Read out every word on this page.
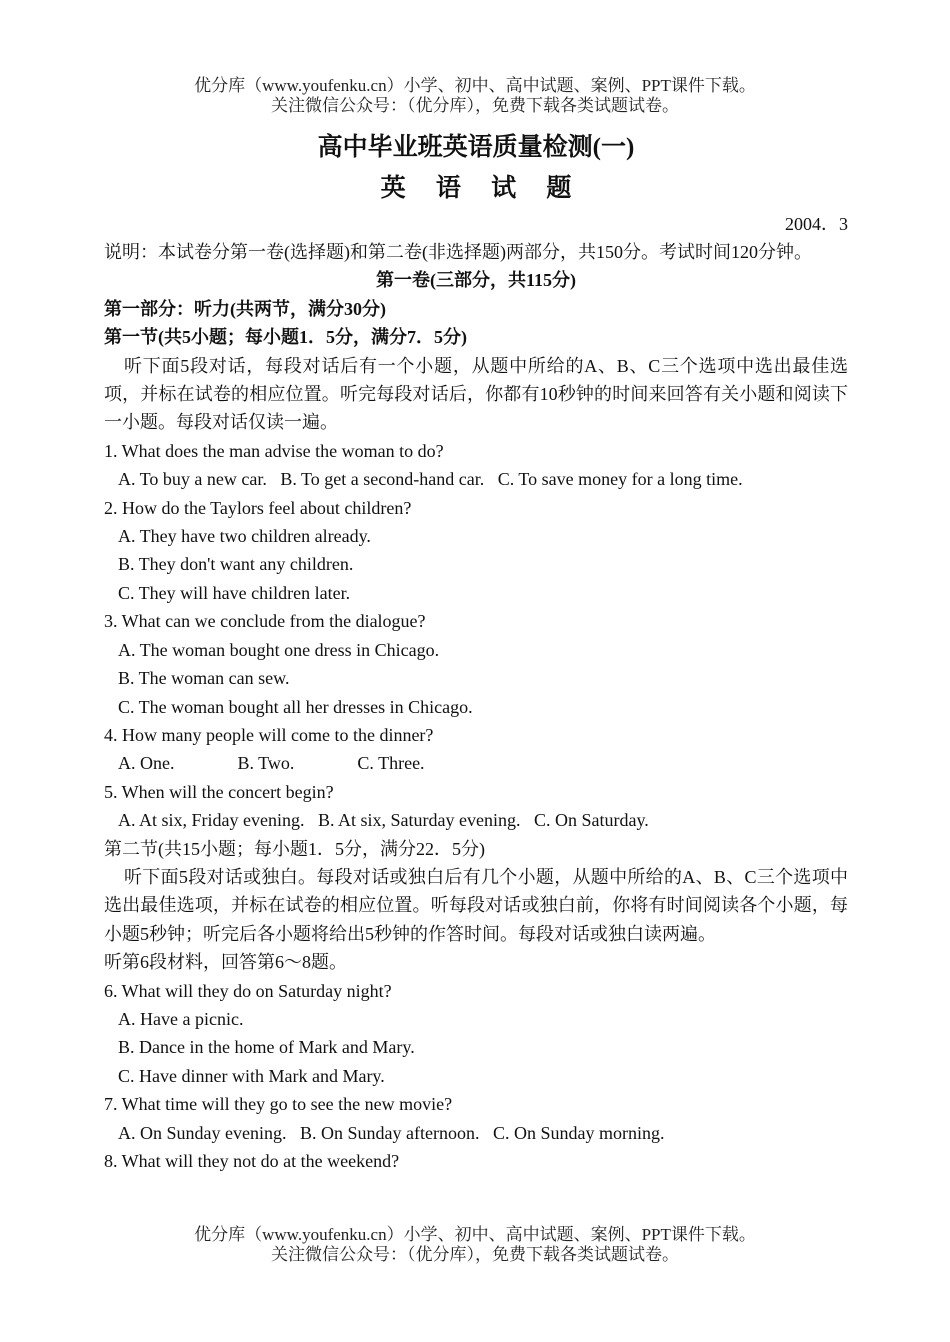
优分库（www.youfenku.cn）小学、初中、高中试题、案例、PPT课件下载。
关注微信公众号：（优分库），免费下载各类试题试卷。

高中毕业班英语质量检测(一)

英 语 试 题

2004．3

说明：本试卷分第一卷(选择题)和第二卷(非选择题)两部分，共150分。考试时间120分钟。

第一卷(三部分，共115分)

第一部分：听力(共两节，满分30分)

第一节(共5小题；每小题1．5分，满分7．5分)

听下面5段对话，每段对话后有一个小题，从题中所给的A、B、C三个选项中选出最佳选项，并标在试卷的相应位置。听完每段对话后，你都有10秒钟的时间来回答有关小题和阅读下一小题。每段对话仅读一遍。

1. What does the man advise the woman to do?

A. To buy a new car.   B. To get a second-hand car.   C. To save money for a long time.

2. How do the Taylors feel about children?

A. They have two children already.

B. They don't want any children.

C. They will have children later.

3. What can we conclude from the dialogue?

A. The woman bought one dress in Chicago.

B. The woman can sew.

C. The woman bought all her dresses in Chicago.

4. How many people will come to the dinner?

A. One.              B. Two.              C. Three.

5. When will the concert begin?

A. At six, Friday evening.   B. At six, Saturday evening.   C. On Saturday.

第二节(共15小题；每小题1．5分，满分22．5分)

听下面5段对话或独白。每段对话或独白后有几个小题，从题中所给的A、B、C三个选项中选出最佳选项，并标在试卷的相应位置。听每段对话或独白前，你将有时间阅读各个小题，每小题5秒钟；听完后各小题将给出5秒钟的作答时间。每段对话或独白读两遍。

听第6段材料，回答第6～8题。

6. What will they do on Saturday night?

A. Have a picnic.

B. Dance in the home of Mark and Mary.

C. Have dinner with Mark and Mary.

7. What time will they go to see the new movie?

A. On Sunday evening.   B. On Sunday afternoon.   C. On Sunday morning.

8. What will they not do at the weekend?

优分库（www.youfenku.cn）小学、初中、高中试题、案例、PPT课件下载。
关注微信公众号：（优分库），免费下载各类试题试卷。
